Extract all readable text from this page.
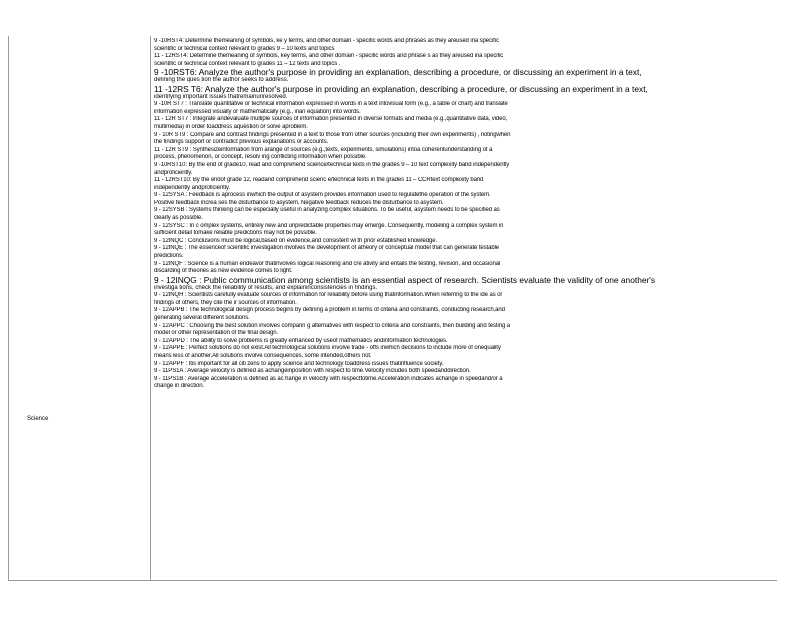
Science
9 -10RST4: Determine themeaning of symbols, ke y terms, and other domain - specific words and phrases as they areused ina specific
scientific or technical context relevant to grades 9 – 10 texts and topics
11 - 12RST4: Determine themeaning of symbols, key terms, and other domain - specific words and phrase s as they areused ina specific
scientific or technical context relevant to grades 11 – 12 texts and topics .
9 -10RST6: Analyze the author's purpose in providing an explanation, describing a procedure, or discussing an experiment in a text,
defining the ques tion the author seeks to address.
11 -12RS T6: Analyze the author's purpose in providing an explanation, describing a procedure, or discussing an experiment in a text,
identifying important issues thatremainunresolved.
9 -10R ST7 : Translate quantitative or technical information expressed in words in a text intovisual form (e.g., a table or chart) and translate
information expressed visually or mathematically (e.g., inan equation) into words.
11 - 12R ST7 : Integrate andevaluate multiple sources of information presented in diverse formats and media (e.g.,quantitative data, video,
multimedia) in order toaddress aquestion or solve aproblem.
9 - 10R ST9 : Compare and contrast findings presented in a text to those from other sources (including their own experiments) , notingwhen
the findings support or contradict previous explanations or accounts.
11 - 12R ST9 : Synthesizeinformation from arange of sources (e.g.,texts, experiments, simulations) intoa coherentunderstanding of a
process, phenomenon, or concept, resolv ing conflicting information when possible.
9 -10RST10: By the end of grade10, read and comprehend science/technical texts in the grades 9 – 10 text complexity band independently
andproficiently.
11 - 12RST10: By the endof grade 12, readand comprehend scienc e/technical texts in the grades 11 – CCRtext complexity band
independently andproficiently.
9 - 12SYSA : Feedback is aprocess inwhich the output of asystem provides information used to regulatethe operation of the system.
Positive feedback increa ses the disturbance to asystem. Negative feedback reduces the disturbance to asystem.
9 - 12SYSB : Systems thinking can be especially useful in analyzing complex situations. To be useful, asystem needs to be specified as
clearly as possible.
9 - 12SYSC : In c omplex systems, entirely new and unpredictable properties may emerge. Consequently, modeling a complex system in
sufficient detail tomake reliable predictions may not be possible.
9 - 12INQC : Conclusions must be logical,based on evidence,and consistent wi th prior established knowledge.
9 - 12INQE : The essenceof scientific investigation involves the development of atheory or conceptual model that can generate testable
predictions.
9 - 12INQF : Science is a human endeavor thatinvolves logical reasoning and cre ativity and entails the testing, revision, and occasional
discarding of theories as new evidence comes to light.
9 - 12INQG : Public communication among scientists is an essential aspect of research. Scientists evaluate the validity of one another's
investiga tions, check the reliability of results, and explaininconsistencies in findings.
9 - 12INQH : Scientists carefully evaluate sources of information for reliability before using thatinformation.When referring to the ide as or
findings of others, they cite the ir sources of information.
9 - 12APPB : The technological design process begins by defining a problem in terms of criteria and constraints, conducting research,and
generating several different solutions.
9 - 12APPC : Choosing the best solution involves comparin g alternatives with respect to criteria and constraints, then building and testing a
model or other representation of the final design.
9 - 12APPD : The ability to solve problems is greatly enhanced by useof mathematics andinformation technologies.
9 - 12APPE : Perfect solutions do not exist.All technological solutions involve trade - offs inwhich decisions to include more of onequality
means less of another.All solutions involve consequences, some intended,others not.
9 - 12APPF : Itis important for all citi zens to apply science and technology toaddress issues thatinfluence society.
9 - 11PS1A : Average velocity is defined as achangeinposition with respect to time.Velocity includes both speedanddirection.
9 - 11PS1B : Average acceleration is defined as ac hange in velocity with respecttotime.Acceleration indicates achange in speedand/or a
change in direction.
